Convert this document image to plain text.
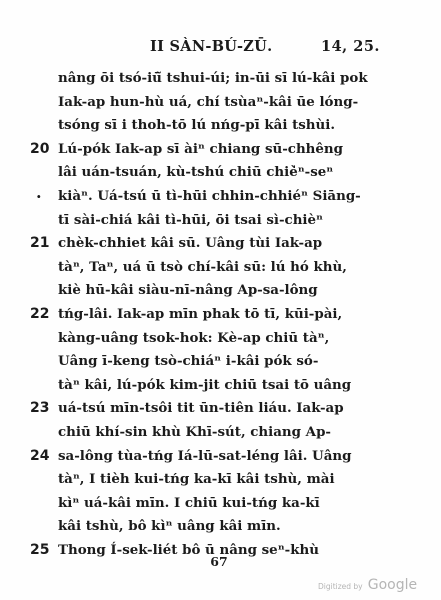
II SÀN-BÚ-ZŪ.	14, 25.
nâng ōi tsó-iū̃ tshui-úi; in-ūi sī lú-kâi pok
Iak-ap hun-hù uá, chí tsùaⁿ-kâi ūe lóng-
tsóng sī i thoh-tō lú nńg-pī kâi tshùi.
20 Lú-pók Iak-ap sī àiⁿ chiang sū-chhêng
lâi uán-tsuán, kù-tshú chiū chiè̍ⁿ-seⁿ
.	kiàⁿ. Uá-tsú ū tì-hūi chhin-chhiéⁿ Siāng-
tī sài-chiá kâi tì-hūi, ōi tsai sì-chièⁿ
21 chèk-chhiet kâi sū. Uâng tùi Iak-ap
tàⁿ, Taⁿ, uá ū tsò chí-kâi sū: lú hó khù,
kiè hū-kâi siàu-nī-nâng Ap-sa-lông
22 tńg-lâi. Iak-ap mīn phak tō tī, kūi-pài,
kàng-uâng tsok-hok: Kè-ap chiū tàⁿ,
Uâng ī-keng tsò-chiáⁿ i-kâi pók só-
tàⁿ kâi, lú-pók kim-jit chiū tsai tō uâng
23 uá-tsú mīn-tsôi tit ūn-tiên liáu. Iak-ap
chiū khí-sin khù Khī-sút, chiang Ap-
24 sa-lông tùa-tńg Iá-lū-sat-léng lâi. Uâng
tàⁿ, I tièh kui-tńg ka-kī kâi tshù, mài
kìⁿ uá-kâi mīn. I chiū kui-tńg ka-kī
kâi tshù, bô kìⁿ uâng kâi mīn.
25 Thong Í-sek-liét bô ū nâng seⁿ-khù
67
Digitized by Google
